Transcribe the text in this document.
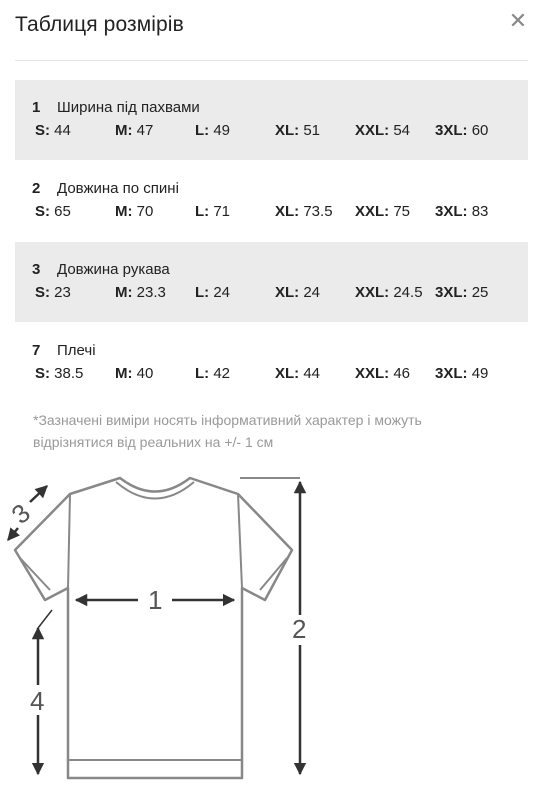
Таблиця розмірів	✕
1 Ширина під пахвами
S: 44	M: 47	L: 49	XL: 51 XXL: 54 3XL: 60
2 Довжина по спині
S: 65	M: 70	L: 71	XL: 73.5 XXL: 75 3XL: 83
3 Довжина рукава
S: 23	M: 23.3 L: 24	XL: 24 XXL: 24.5 3XL: 25
7 Плечі
S: 38.5 M: 40	L: 42	XL: 44 XXL: 46 3XL: 49
*Зазначені виміри носять інформативний характер і можуть відрізнятися від реальних на +/- 1 см
1
2
4
3
